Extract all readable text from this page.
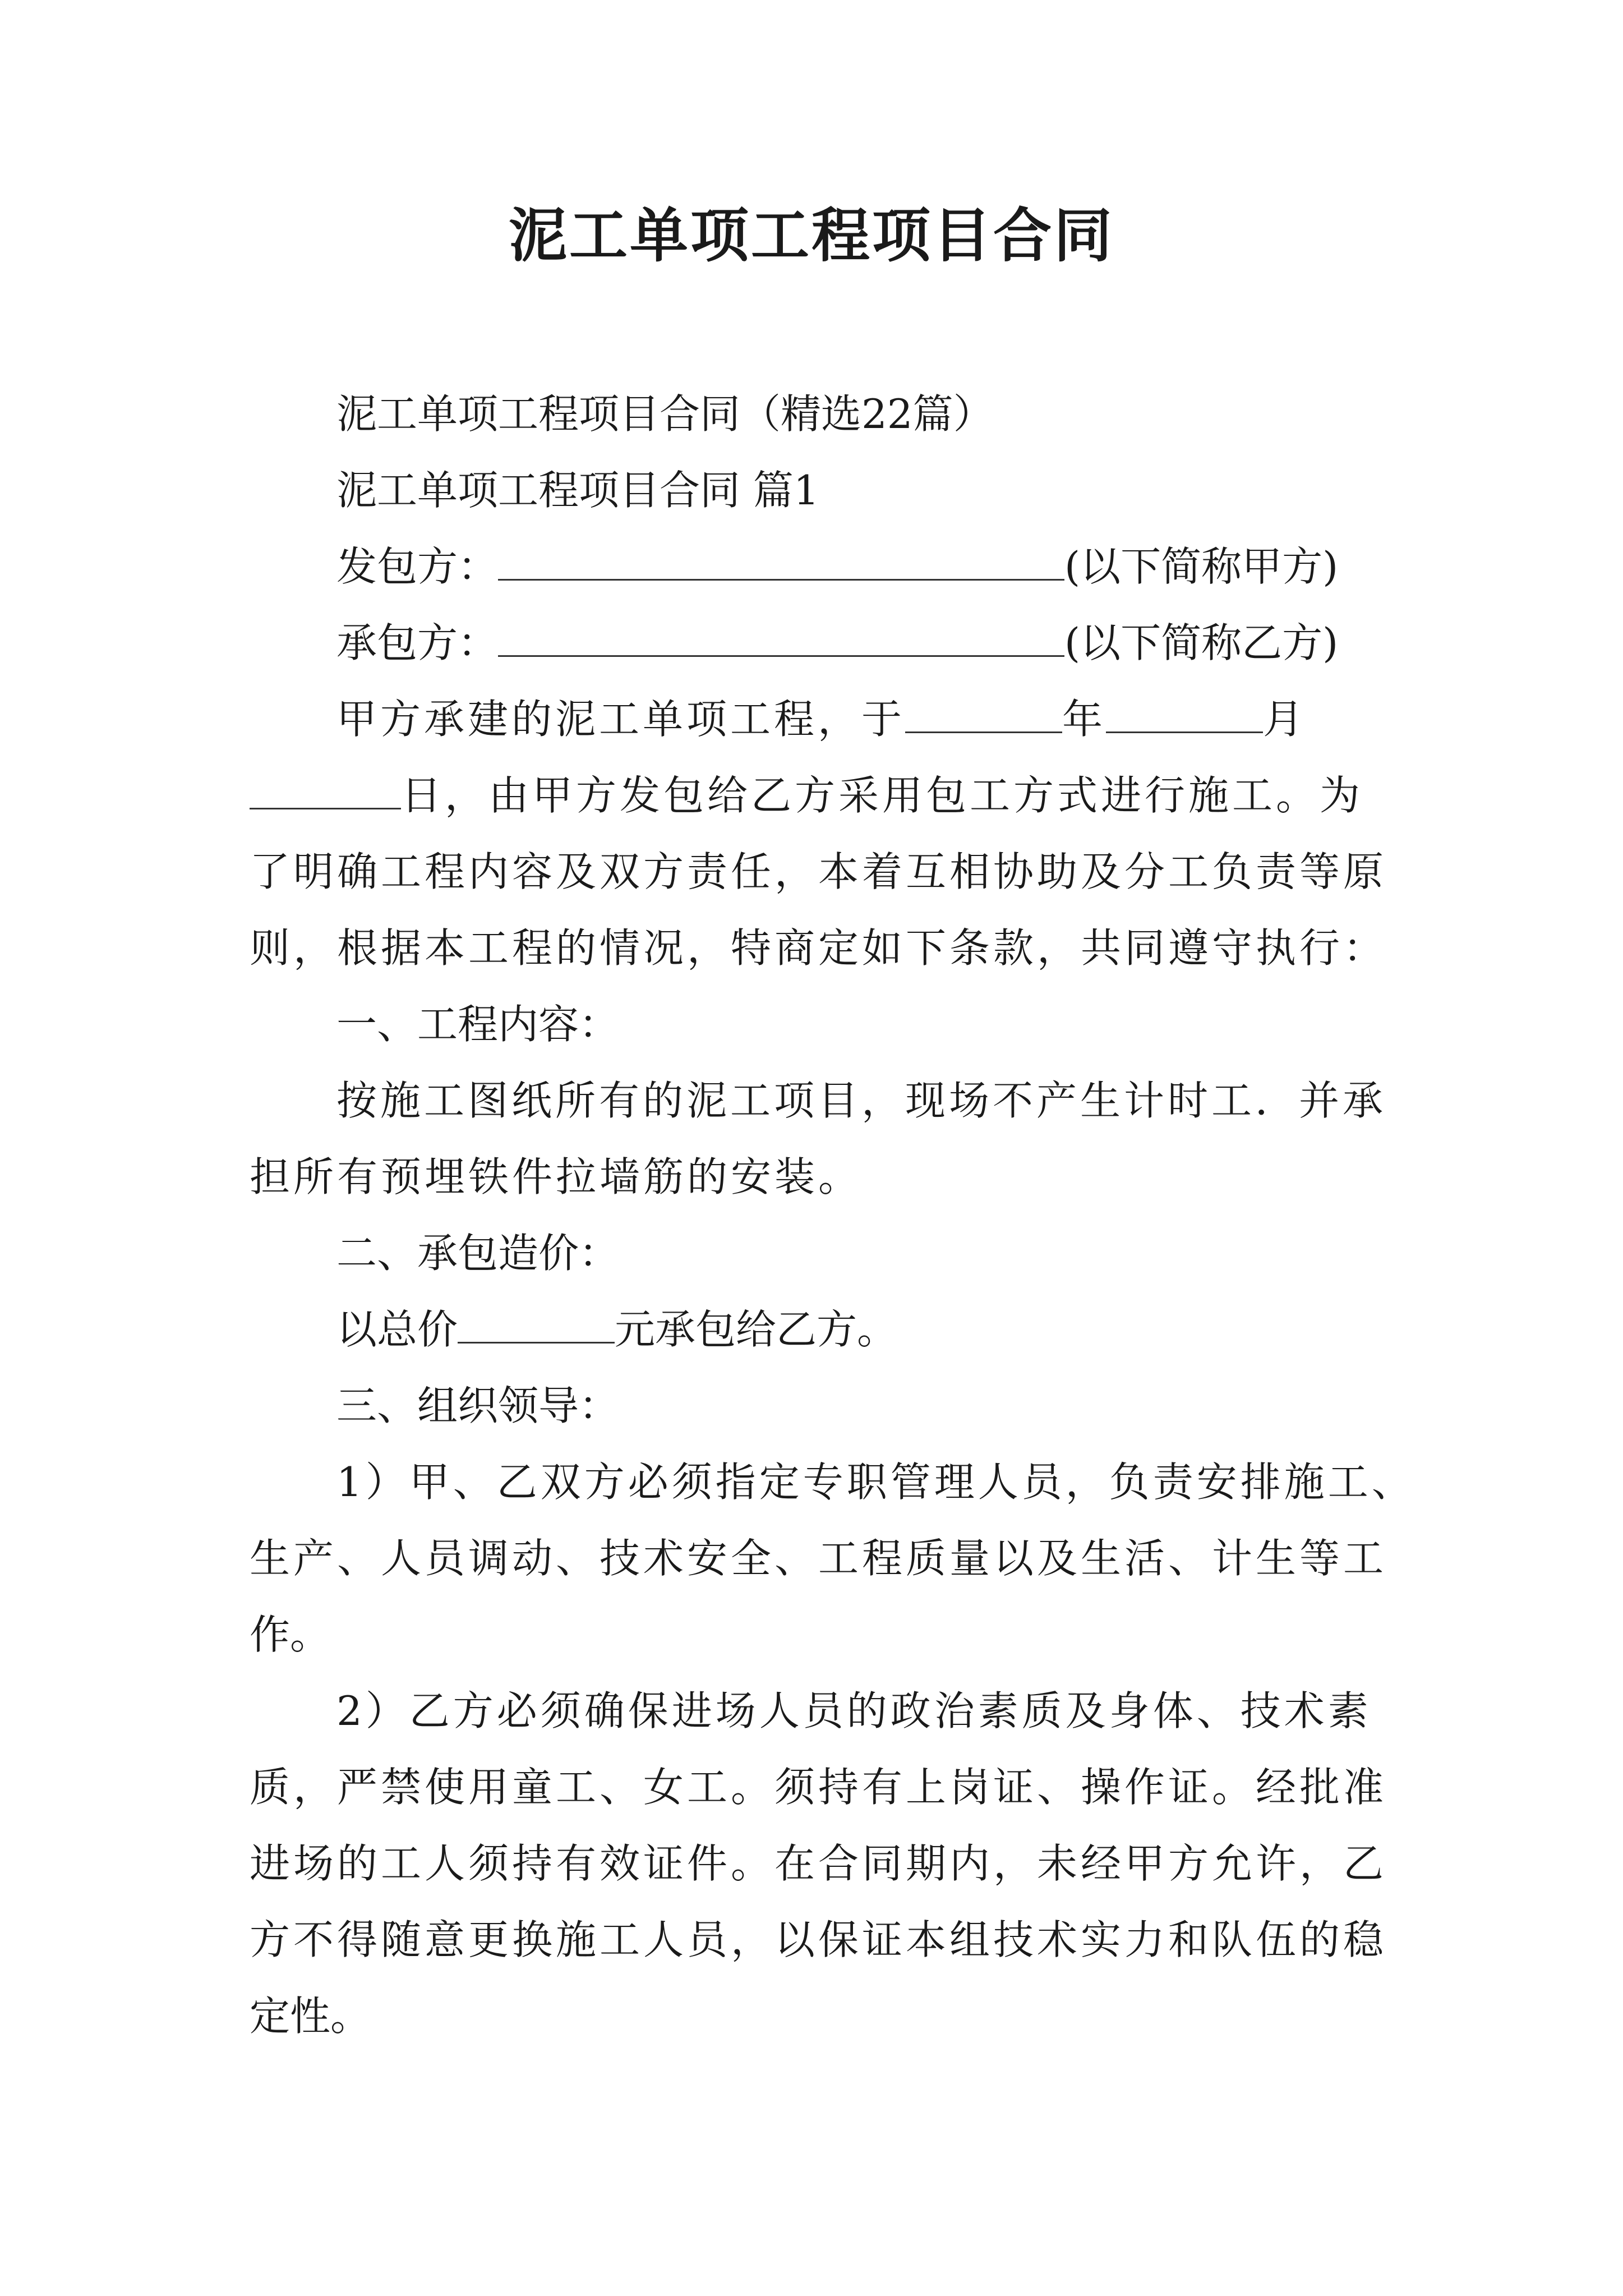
泥工单项工程项目合同
泥工单项工程项目合同（精选22篇）
泥工单项工程项目合同 篇1
发包方：	(以下简称甲方)
承包方：	(以下简称乙方)
甲方承建的泥工单项工程，于	年	月
日，由甲方发包给乙方采用包工方式进行施工。为
了明确工程内容及双方责任，本着互相协助及分工负责等原
则，根据本工程的情况，特商定如下条款，共同遵守执行：
一、工程内容：
按施工图纸所有的泥工项目，现场不产生计时工．并承
担所有预埋铁件拉墙筋的安装。
二、承包造价：
以总价	元承包给乙方。
三、组织领导：
1）甲、乙双方必须指定专职管理人员，负责安排施工、
生产、人员调动、技术安全、工程质量以及生活、计生等工
作。
2）乙方必须确保进场人员的政治素质及身体、技术素
质，严禁使用童工、女工。须持有上岗证、操作证。经批准
进场的工人须持有效证件。在合同期内，未经甲方允许，乙
方不得随意更换施工人员，以保证本组技术实力和队伍的稳
定性。
